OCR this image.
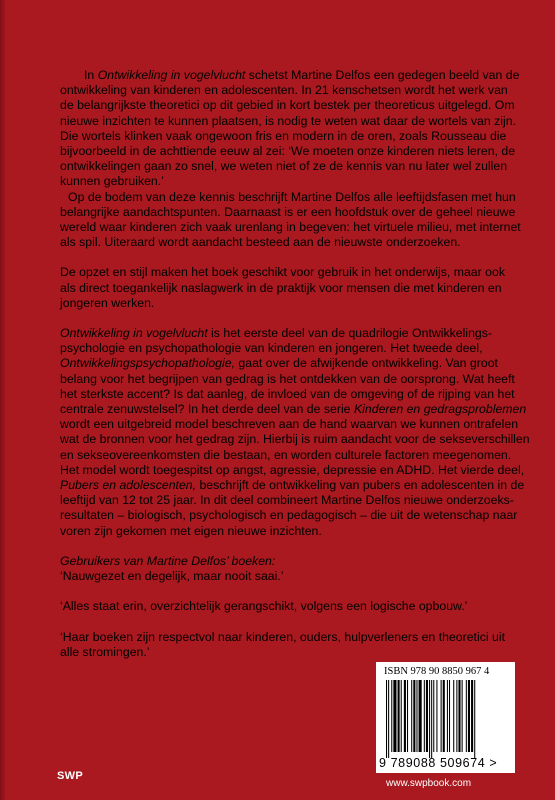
In Ontwikkeling in vogelvlucht schetst Martine Delfos een gedegen beeld van de

ontwikkeling van kinderen en adolescenten. In 21 kenschetsen wordt het werk van

de belangrijkste theoretici op dit gebied in kort bestek per theoreticus uitgelegd. Om

nieuwe inzichten te kunnen plaatsen, is nodig te weten wat daar de wortels van zijn.

Die wortels klinken vaak ongewoon fris en modern in de oren, zoals Rousseau die

bijvoorbeeld in de achttiende eeuw al zei: ‘We moeten onze kinderen niets leren, de

ontwikkelingen gaan zo snel, we weten niet of ze de kennis van nu later wel zullen

kunnen gebruiken.’

Op de bodem van deze kennis beschrijft Martine Delfos alle leeftijdsfasen met hun

belangrijke aandachtspunten. Daarnaast is er een hoofdstuk over de geheel nieuwe

wereld waar kinderen zich vaak urenlang in begeven: het virtuele milieu, met internet

als spil. Uiteraard wordt aandacht besteed aan de nieuwste onderzoeken.

De opzet en stijl maken het boek geschikt voor gebruik in het onderwijs, maar ook

als direct toegankelijk naslagwerk in de praktijk voor mensen die met kinderen en

jongeren werken.

Ontwikkeling in vogelvlucht is het eerste deel van de quadrilogie Ontwikkelings-

psychologie en psychopathologie van kinderen en jongeren. Het tweede deel,

Ontwikkelingspsychopathologie, gaat over de afwijkende ontwikkeling. Van groot

belang voor het begrijpen van gedrag is het ontdekken van de oorsprong. Wat heeft

het sterkste accent? Is dat aanleg, de invloed van de omgeving of de rijping van het

centrale zenuwstelsel? In het derde deel van de serie Kinderen en gedragsproblemen

wordt een uitgebreid model beschreven aan de hand waarvan we kunnen ontrafelen

wat de bronnen voor het gedrag zijn. Hierbij is ruim aandacht voor de sekseverschillen

en sekseovereenkomsten die bestaan, en worden culturele factoren meegenomen.

Het model wordt toegespitst op angst, agressie, depressie en ADHD. Het vierde deel,

Pubers en adolescenten, beschrijft de ontwikkeling van pubers en adolescenten in de

leeftijd van 12 tot 25 jaar. In dit deel combineert Martine Delfos nieuwe onderzoeks-

resultaten – biologisch, psychologisch en pedagogisch – die uit de wetenschap naar

voren zijn gekomen met eigen nieuwe inzichten.

Gebruikers van Martine Delfos’ boeken:

‘Nauwgezet en degelijk, maar nooit saai.’

‘Alles staat erin, overzichtelijk gerangschikt, volgens een logische opbouw.’

‘Haar boeken zijn respectvol naar kinderen, ouders, hulpverleners en theoretici uit

alle stromingen.’

ISBN 978 90 8850 967 4
9 789088 509674 >
SWP
www.swpbook.com
